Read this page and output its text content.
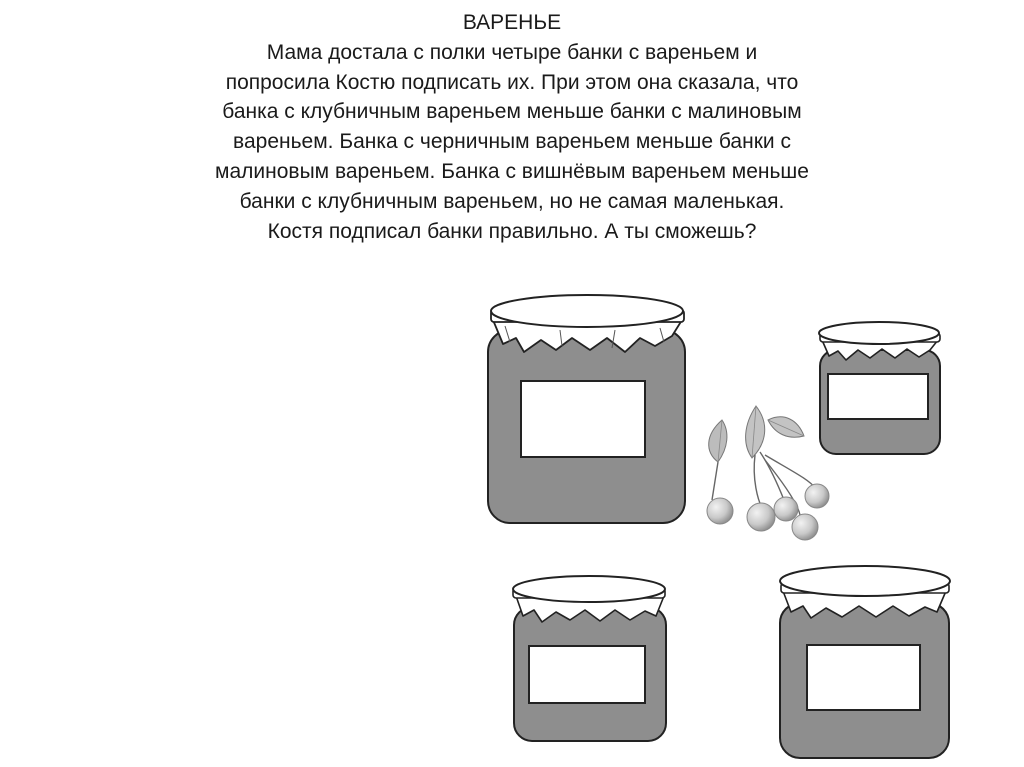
ВАРЕНЬЕ
Мама достала с полки четыре банки с вареньем и
попросила Костю подписать их. При этом она сказала, что
банка с клубничным вареньем меньше банки с малиновым
вареньем. Банка с черничным вареньем меньше банки с
малиновым вареньем. Банка с вишнёвым вареньем меньше
банки с клубничным вареньем, но не самая маленькая.
Костя подписал банки правильно. А ты сможешь?
